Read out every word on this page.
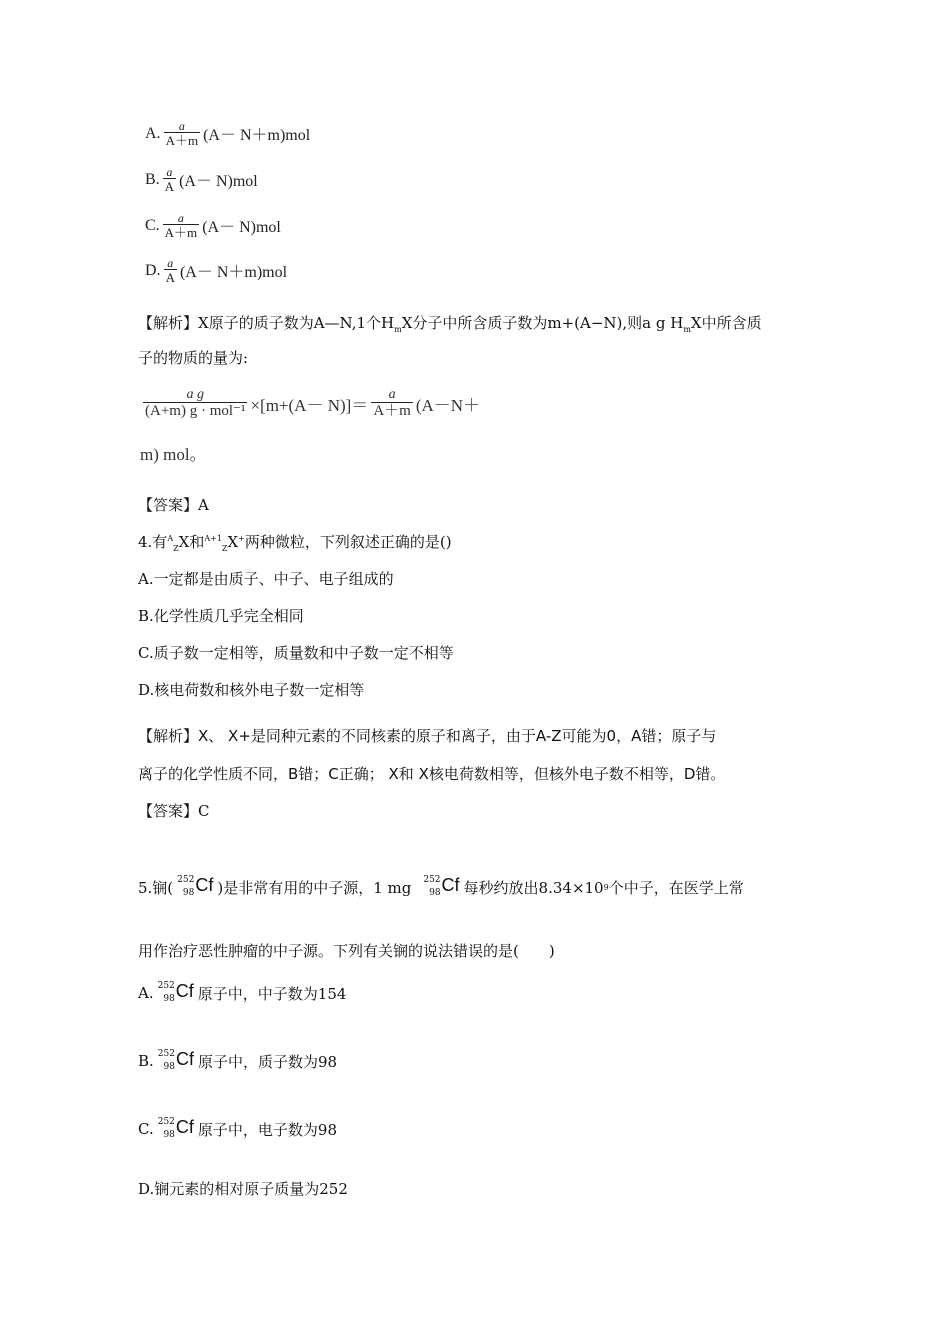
A. $\frac{a}{A+m} (A- N+m)mol$
B. $\frac{a}{A} (A- N)mol$
C. $\frac{a}{A+m} (A- N)mol$
D. $\frac{a}{A} (A- N+m)mol$
【解析】X原子的质子数为A—N,1个$H_mX$分子中所含质子数为m+(A−N),则a g $H_mX$中所含质
子的物质的量为:
$\frac{\text{a g}}{\text{(A+m) g · mol⁻¹}} \times[m+(A- N)]= \frac{a}{A+m} (A-N+$
m) mol。
【答案】A
4.有$^A_Z$X和$^{A+1}_Z$X+两种微粒，下列叙述正确的是()
A.一定都是由质子、中子、电子组成的
B.化学性质几乎完全相同
C.质子数一定相等，质量数和中子数一定不相等
D.核电荷数和核外电子数一定相等
【解析】X、 X+是同种元素的不同核素的原子和离子，由于A-Z可能为0，A错；原子与
离子的化学性质不同，B错；C正确； X和 X核电荷数相等，但核外电子数不相等，D错。
【答案】C
5.锎( 252
98 Cf )是非常有用的中子源，1 mg 252
98 Cf 每秒约放出8.34×10 9 个中子，在医学上常
用作治疗恶性肿瘤的中子源。下列有关锎的说法错误的是(　　)
A. 252
98 Cf 原子中，中子数为154
B. 252
98 Cf 原子中，质子数为98
C. 252
98 Cf 原子中，电子数为98
D.锎元素的相对原子质量为252
